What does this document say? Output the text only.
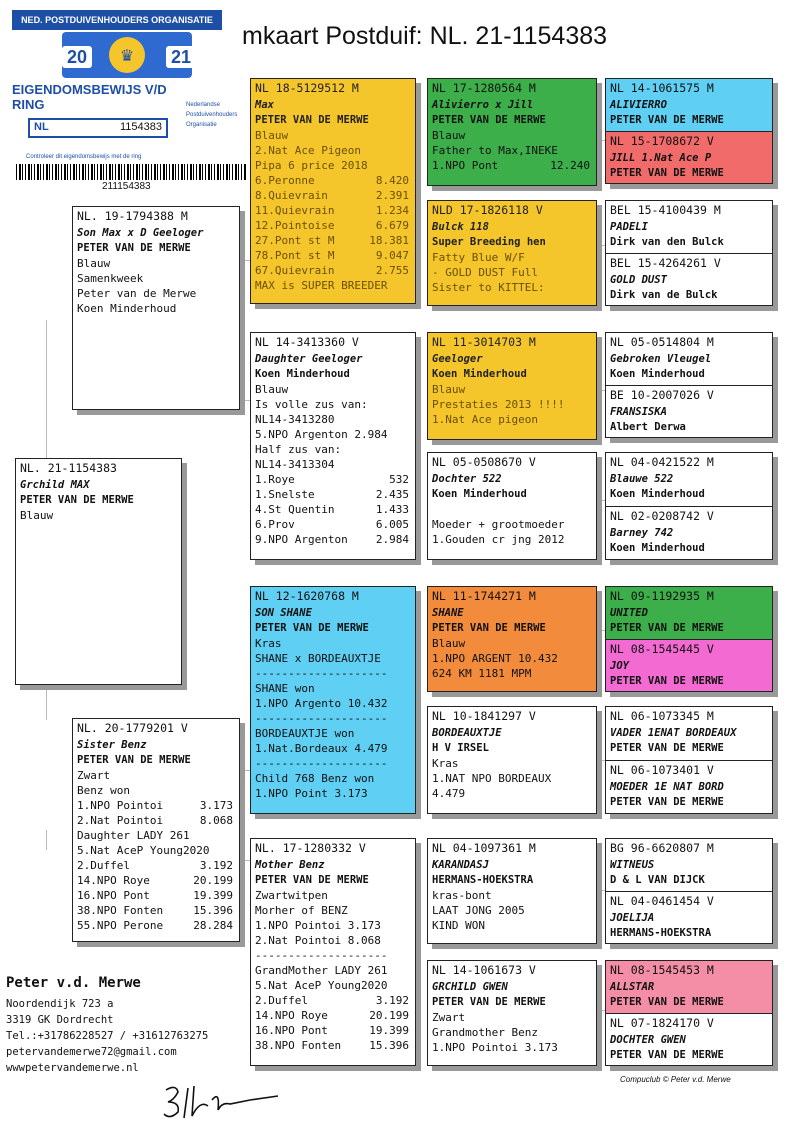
mkaart Postduif: NL. 21-1154383
NED. POSTDUIVENHOUDERS ORGANISATIE
♛
20	21
EIGENDOMSBEWIJS V/D RING	Nederlandse
Postduivenhouders
Organisatie
NL	1154383
Controleer dit eigendomsbewijs met de ring
211154383
NL. 21-1154383
Grchild MAX
PETER VAN DE MERWE
Blauw
NL. 19-1794388 M
Son Max x D Geeloger
PETER VAN DE MERWE
Blauw
Samenkweek
Peter van de Merwe
Koen Minderhoud
NL. 20-1779201 V
Sister Benz
PETER VAN DE MERWE
Zwart
Benz won
1.NPO Pointoi	3.173
2.Nat Pointoi	8.068
Daughter LADY 261
5.Nat AceP Young2020
2.Duffel	3.192
14.NPO Roye	20.199
16.NPO Pont	19.399
38.NPO Fonten	15.396
55.NPO Perone	28.284
NL 18-5129512 M
Max
PETER VAN DE MERWE
Blauw
2.Nat Ace Pigeon
Pipa 6 price 2018
6.Peronne	8.420
8.Quievrain	2.391
11.Quievrain	1.234
12.Pointoise	6.679
27.Pont st M	18.381
78.Pont st M	9.047
67.Quievrain	2.755
MAX is SUPER BREEDER
NL 14-3413360 V
Daughter Geeloger
Koen Minderhoud
Blauw
Is volle zus van:
NL14-3413280
5.NPO Argenton 2.984
Half zus van:
NL14-3413304
1.Roye	532
1.Snelste	2.435
4.St Quentin	1.433
6.Prov	6.005
9.NPO Argenton	2.984
NL 12-1620768 M
SON SHANE
PETER VAN DE MERWE
Kras
SHANE x BORDEAUXTJE
--------------------
SHANE won
1.NPO Argento 10.432
--------------------
BORDEAUXTJE won
1.Nat.Bordeaux 4.479
--------------------
Child 768 Benz won
1.NPO Point 3.173
NL. 17-1280332 V
Mother Benz
PETER VAN DE MERWE
Zwartwitpen
Morher of BENZ
1.NPO Pointoi 3.173
2.Nat Pointoi 8.068
--------------------
GrandMother LADY 261
5.Nat AceP Young2020
2.Duffel	3.192
14.NPO Roye	20.199
16.NPO Pont	19.399
38.NPO Fonten	15.396
NL 17-1280564 M
Alivierro x Jill
PETER VAN DE MERWE
Blauw
Father to Max,INEKE
1.NPO Pont	12.240
NLD 17-1826118 V
Bulck 118
Super Breeding hen
Fatty Blue W/F
- GOLD DUST Full
Sister to KITTEL:
NL 11-3014703 M
Geeloger
Koen Minderhoud
Blauw
Prestaties 2013 !!!!
1.Nat Ace pigeon
NL 05-0508670 V
Dochter 522
Koen Minderhoud
Moeder + grootmoeder
1.Gouden cr jng 2012
NL 11-1744271 M
SHANE
PETER VAN DE MERWE
Blauw
1.NPO ARGENT 10.432
624 KM 1181 MPM
NL 10-1841297 V
BORDEAUXTJE
H V IRSEL
Kras
1.NAT NPO BORDEAUX
4.479
NL 04-1097361 M
KARANDASJ
HERMANS-HOEKSTRA
kras-bont
LAAT JONG 2005
KIND WON
NL 14-1061673 V
GRCHILD GWEN
PETER VAN DE MERWE
Zwart
Grandmother Benz
1.NPO Pointoi 3.173
NL 14-1061575 M
ALIVIERRO
PETER VAN DE MERWE
NL 15-1708672 V
JILL 1.Nat Ace P
PETER VAN DE MERWE
BEL 15-4100439 M
PADELI
Dirk van den Bulck
BEL 15-4264261 V
GOLD DUST
Dirk van de Bulck
NL 05-0514804 M
Gebroken Vleugel
Koen Minderhoud
BE 10-2007026 V
FRANSISKA
Albert Derwa
NL 04-0421522 M
Blauwe 522
Koen Minderhoud
NL 02-0208742 V
Barney 742
Koen Minderhoud
NL 09-1192935 M
UNITED
PETER VAN DE MERWE
NL 08-1545445 V
JOY
PETER VAN DE MERWE
NL 06-1073345 M
VADER 1ENAT BORDEAUX
PETER VAN DE MERWE
NL 06-1073401 V
MOEDER 1E NAT BORD
PETER VAN DE MERWE
BG 96-6620807 M
WITNEUS
D & L VAN DIJCK
NL 04-0461454 V
JOELIJA
HERMANS-HOEKSTRA
NL 08-1545453 M
ALLSTAR
PETER VAN DE MERWE
NL 07-1824170 V
DOCHTER GWEN
PETER VAN DE MERWE
Peter v.d. Merwe
Noordendijk 723 a
3319 GK Dordrecht
Tel.:+31786228527 / +31612763275
petervandemerwe72@gmail.com
wwwpetervandemerwe.nl
Compuclub © Peter v.d. Merwe
